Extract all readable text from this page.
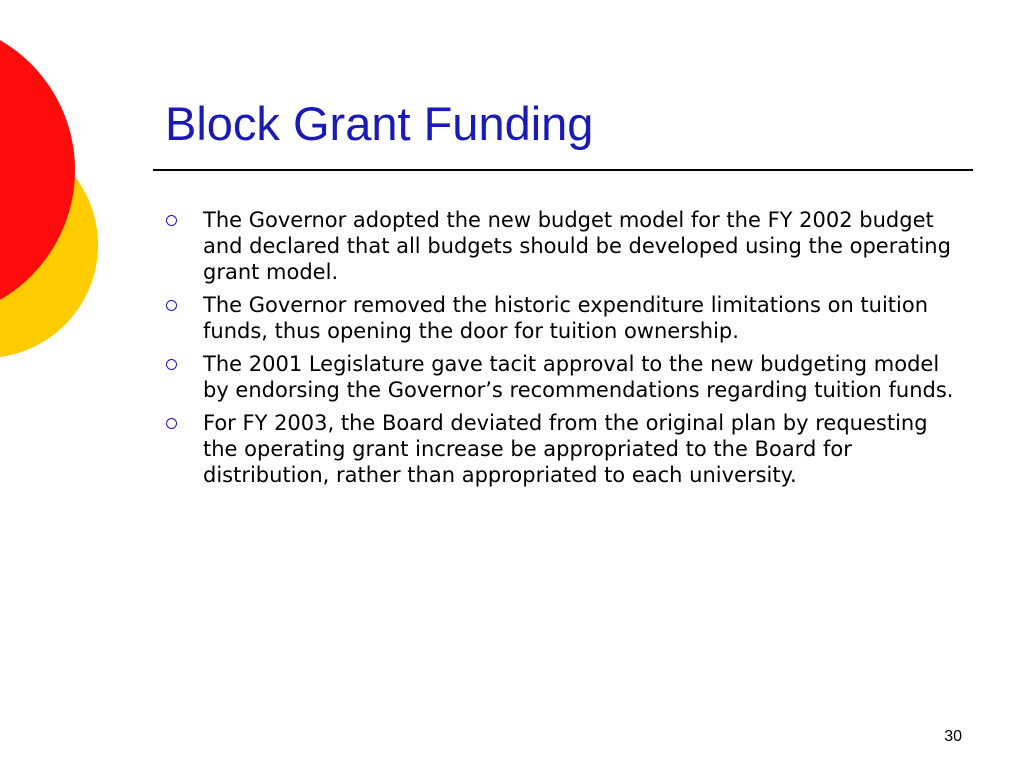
Block Grant Funding
The Governor adopted the new budget model for the FY 2002 budget and declared that all budgets should be developed using the operating grant model.
The Governor removed the historic expenditure limitations on tuition funds, thus opening the door for tuition ownership.
The 2001 Legislature gave tacit approval to the new budgeting model by endorsing the Governor’s recommendations regarding tuition funds.
For FY 2003, the Board deviated from the original plan by requesting the operating grant increase be appropriated to the Board for distribution, rather than appropriated to each university.
30
